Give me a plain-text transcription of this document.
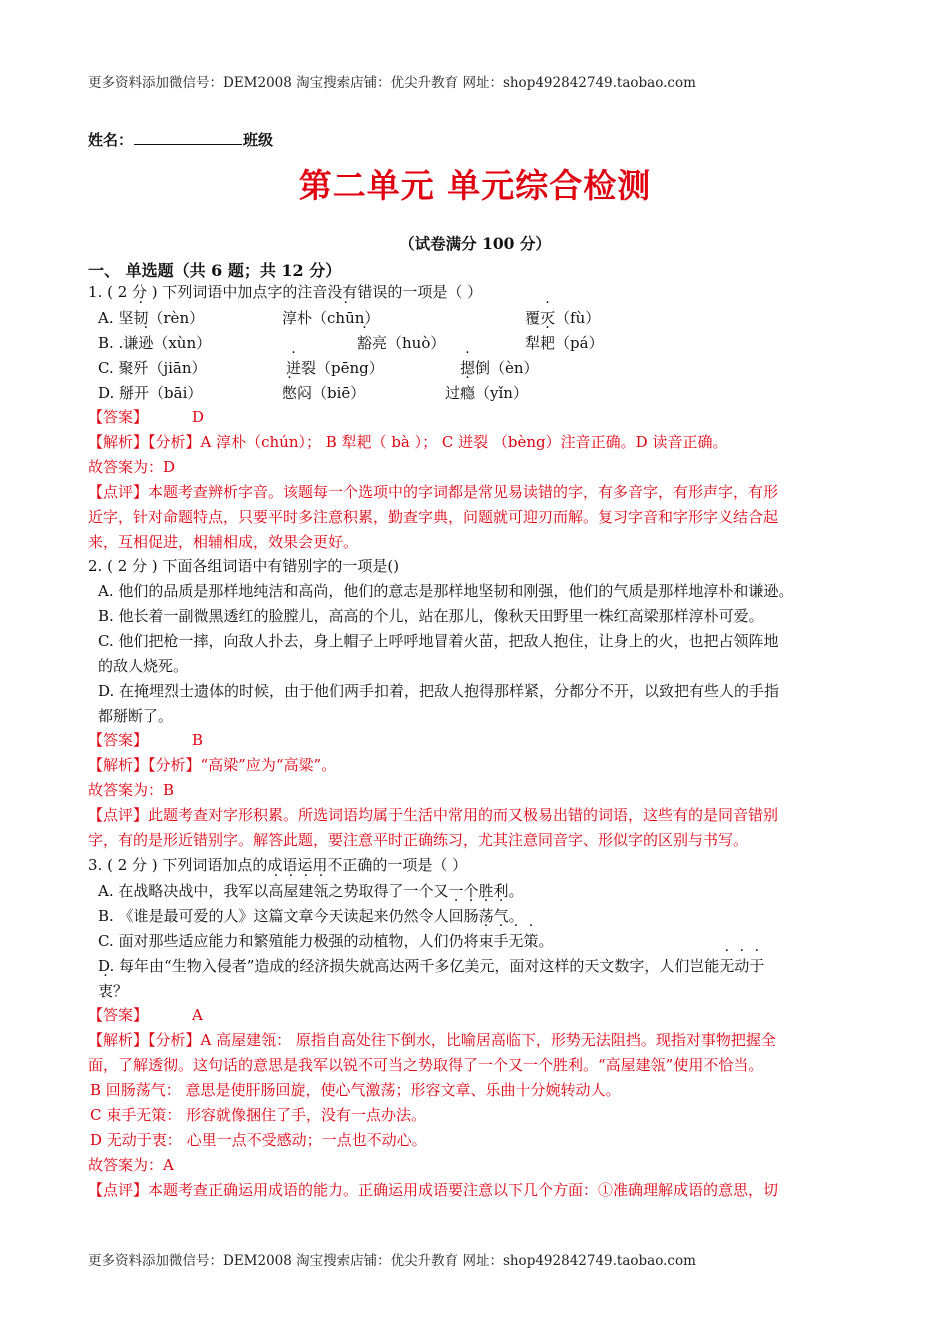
更多资料添加微信号：DEM2008 淘宝搜索店铺：优尖升教育 网址：shop492842749.taobao.com
姓名：	班级
第二单元 单元综合检测
（试卷满分 100 分）
一、 单选题（共 6 题；共 12 分）
1. ( 2 分 ) 下列词语中加点字的注音没有错误的一项是（ ）
A. 坚韧（rèn）	淳朴（· chūn）	覆灭（fù）
B. .谦逊（xùn）	豁亮（huò）	犁耙（pá）
C. 聚歼（jiān）	迸裂（pēng）	摁倒（èn）
D. 掰开（bāi）	憋闷（biē）	过瘾（yǐn）
【答案】	D
【解析】【分析】A 淳朴（chún）； B 犁耙（ bà ）； C 迸裂 （bèng）注音正确。D 读音正确。
故答案为：D
【点评】本题考查辨析字音。该题每一个选项中的字词都是常见易读错的字，有多音字，有形声字，有形
近字，针对命题特点，只要平时多注意积累，勤查字典，问题就可迎刃而解。复习字音和字形字义结合起
来，互相促进，相辅相成，效果会更好。
2. ( 2 分 ) 下面各组词语中有错别字的一项是()
A. 他们的品质是那样地纯洁和高尚，他们的意志是那样地坚韧和刚强，他们的气质是那样地淳朴和谦逊。
B. 他长着一副微黑透红的脸膛儿，高高的个儿，站在那儿，像秋天田野里一株红高梁那样淳朴可爱。
C. 他们把枪一摔，向敌人扑去，身上帽子上呼呼地冒着火苗，把敌人抱住，让身上的火，也把占领阵地
的敌人烧死。
D. 在掩埋烈士遗体的时候，由于他们两手扣着，把敌人抱得那样紧，分都分不开，以致把有些人的手指
都掰断了。
【答案】	B
【解析】【分析】“高梁”应为“高粱”。
故答案为：B
【点评】此题考查对字形积累。所选词语均属于生活中常用的而又极易出错的词语，这些有的是同音错别
字，有的是形近错别字。解答此题，要注意平时正确练习，尤其注意同音字、形似字的区别与书写。
3. ( 2 分 ) 下列词语加点的成语运用不正确的一项是（ ）
A. 在战略决战中，我军以高屋建瓴之势取得了一个又一个胜利。
B. 《谁是最可爱的人》这篇文章今天读起来仍然令人回肠荡气。
C. 面对那些适应能力和繁殖能力极强的动植物，人们仍将束手无策。
D. 每年由“生物入侵者”造成的经济损失就高达两千多亿美元，面对这样的天文数字，人们岂能无动于
衷？
【答案】	A
【解析】【分析】A 高屋建瓴： 原指自高处往下倒水，比喻居高临下，形势无法阻挡。现指对事物把握全
面，了解透彻。这句话的意思是我军以锐不可当之势取得了一个又一个胜利。“高屋建瓴”使用不恰当。
B 回肠荡气： 意思是使肝肠回旋，使心气激荡；形容文章、乐曲十分婉转动人。
C 束手无策： 形容就像捆住了手，没有一点办法。
D 无动于衷： 心里一点不受感动；一点也不动心。
故答案为：A
【点评】本题考查正确运用成语的能力。正确运用成语要注意以下几个方面：①准确理解成语的意思，切
更多资料添加微信号：DEM2008 淘宝搜索店铺：优尖升教育 网址：shop492842749.taobao.com
